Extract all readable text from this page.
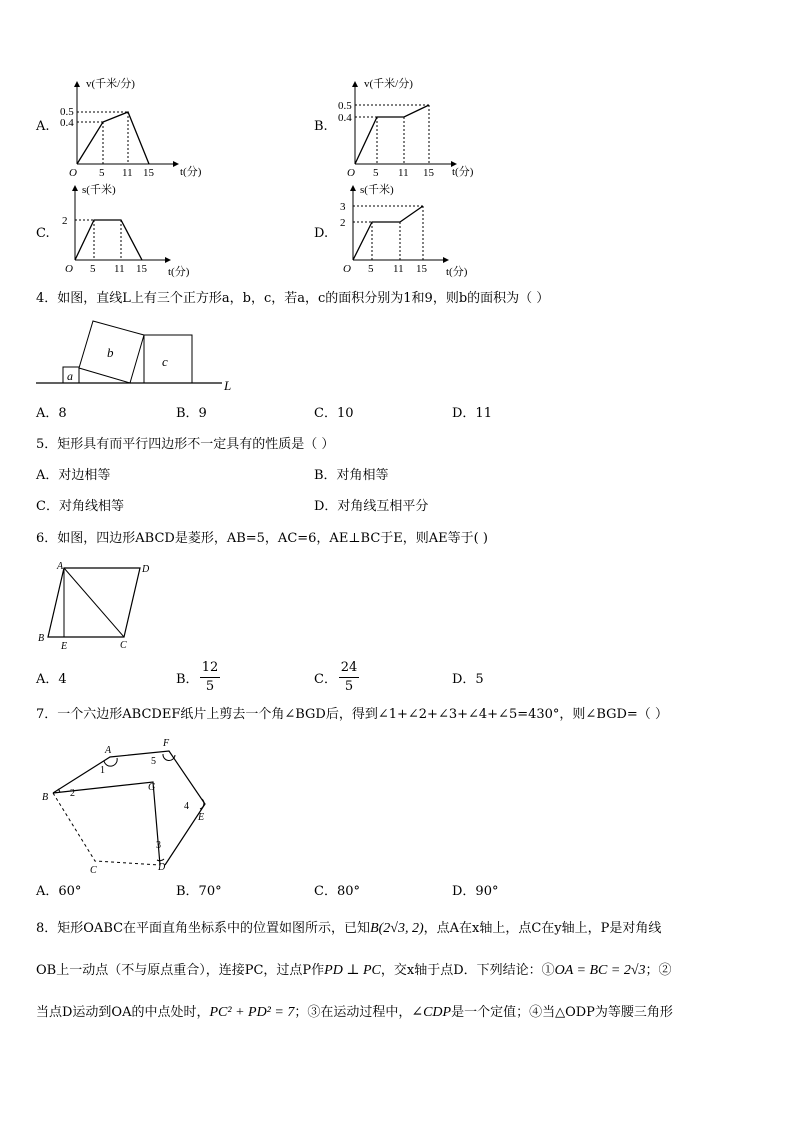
A.
v(千米/分)
t(分)
0.5
0.4
O 5 11 15
B.
v(千米/分)
t(分)
0.5
0.4
O 5 11 15
C.
s(千米)
t(分)
2
O 5 11 15
D.
s(千米)
t(分)
3
2
O 5 11 15
4．如图，直线L上有三个正方形a，b，c，若a，c的面积分别为1和9，则b的面积为（ ）
a
b
c
L
A．8	B．9	C．10	D．11
5．矩形具有而平行四边形不一定具有的性质是（ ）
A．对边相等	B．对角相等
C．对角线相等	D．对角线互相平分
6．如图，四边形ABCD是菱形，AB=5，AC=6，AE⊥BC于E，则AE等于( )
A	D
B
E	C
A．4	B．
12
5	C．
24
5	D．5
7．一个六边形ABCDEF纸片上剪去一个角∠BGD后，得到∠1+∠2+∠3+∠4+∠5=430°，则∠BGD=（ ）
A
F
B
G
E
C	D
1
2
3
4
5
A．60°	B．70°	C．80°	D．90°
8．矩形OABC在平面直角坐标系中的位置如图所示，已知B(2√3, 2)，点A在x轴上，点C在y轴上，P是对角线
OB上一动点（不与原点重合），连接PC，过点P作PD ⊥ PC，交x轴于点D．下列结论：①OA = BC = 2√3；②
当点D运动到OA的中点处时，PC² + PD² = 7；③在运动过程中，∠CDP是一个定值；④当△ODP为等腰三角形
